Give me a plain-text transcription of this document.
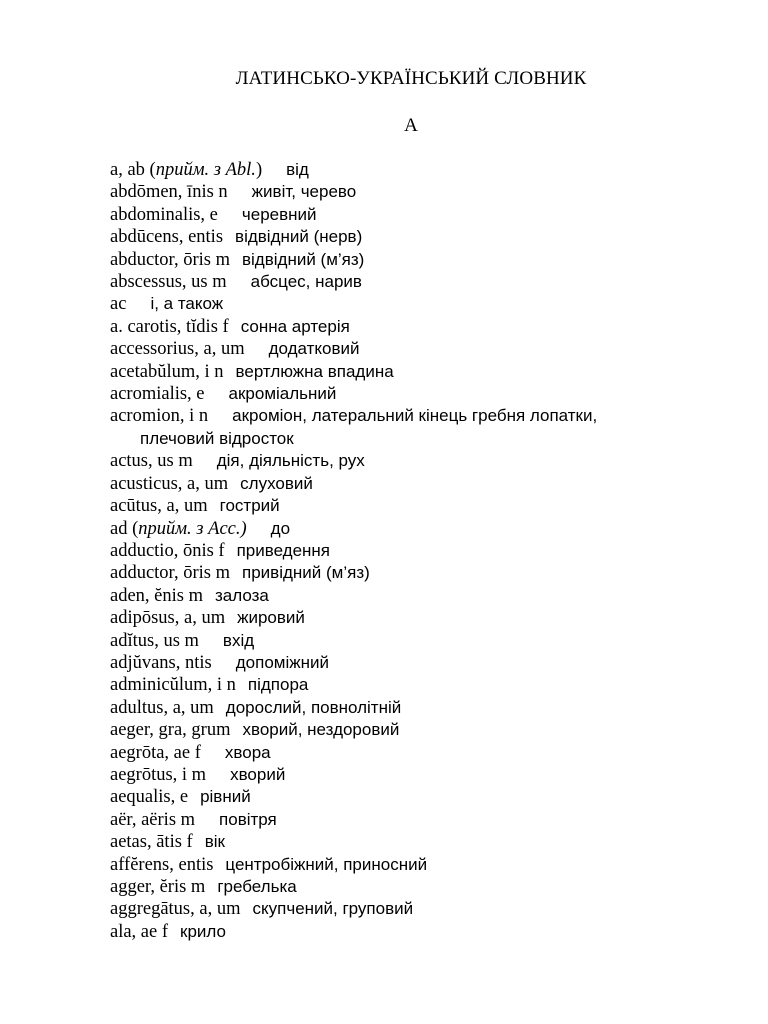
ЛАТИНСЬКО-УКРАЇНСЬКИЙ СЛОВНИК
А
a, ab (прийм. з Abl.) від
abdōmen, īnis n живіт, черево
abdominalis, e черевний
abdūcens, entis відвідний (нерв)
abductor, ōris m відвідний (м’яз)
abscessus, us m абсцес, нарив
ac і, а також
a. carotis, tĭdis f сонна артерія
accessorius, a, um додатковий
acetabŭlum, i n вертлюжна впадина
acromialis, e акроміальний
acromion, i n акроміон, латеральний кінець гребня лопатки,
плечовий відросток
actus, us m дія, діяльність, рух
acusticus, a, um слуховий
acūtus, a, um гострий
ad (прийм. з Acc.) до
adductio, ōnis f приведення
adductor, ōris m привідний (м’яз)
aden, ĕnis m залоза
adipōsus, a, um жировий
adĭtus, us m вхід
adjŭvans, ntis допоміжний
adminicŭlum, i n підпора
adultus, a, um дорослий, повнолітній
aeger, gra, grum хворий, нездоровий
aegrōta, ae f хвора
aegrōtus, i m хворий
aequalis, e рівний
aёr, aёris m повітря
aetas, ātis f вік
affĕrens, entis центробіжний, приносний
agger, ĕris m гребелька
aggregātus, a, um скупчений, груповий
ala, ae f крило
